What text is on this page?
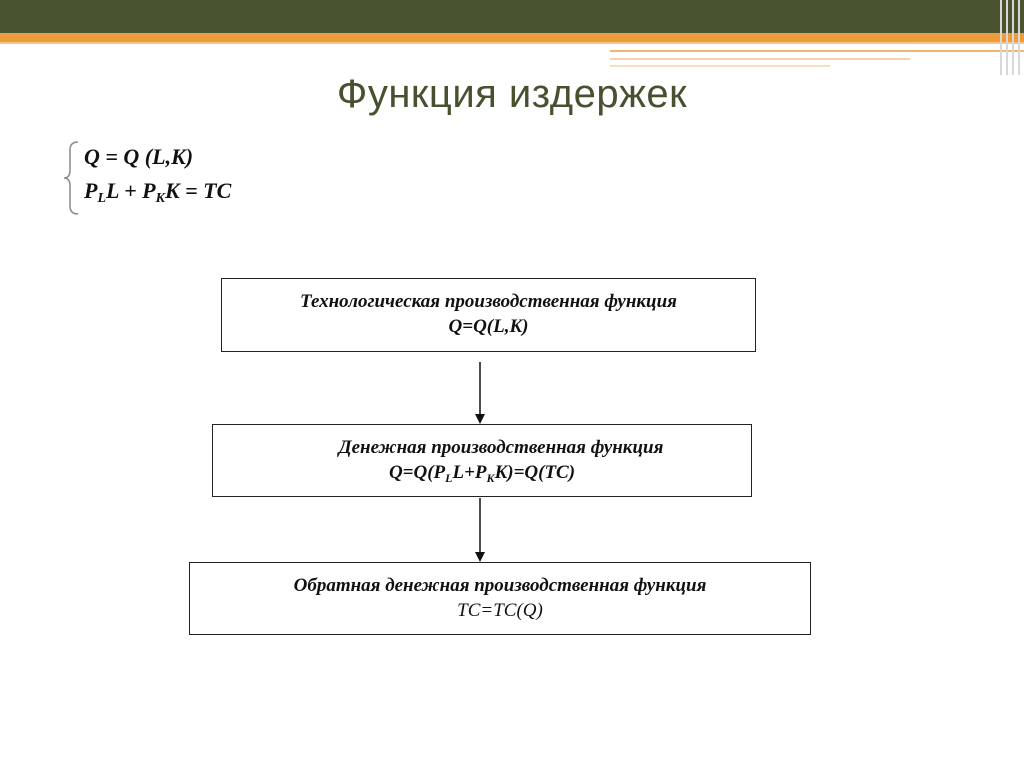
Функция издержек
Q = Q (L,K)
$P_LL + P_KK$ = TC
Технологическая производственная функция
Q=Q(L,K)
Денежная производственная функция
$Q=Q(P_LL+P_KK)=Q(TC)$
Обратная денежная производственная функция
TC=TC(Q)
